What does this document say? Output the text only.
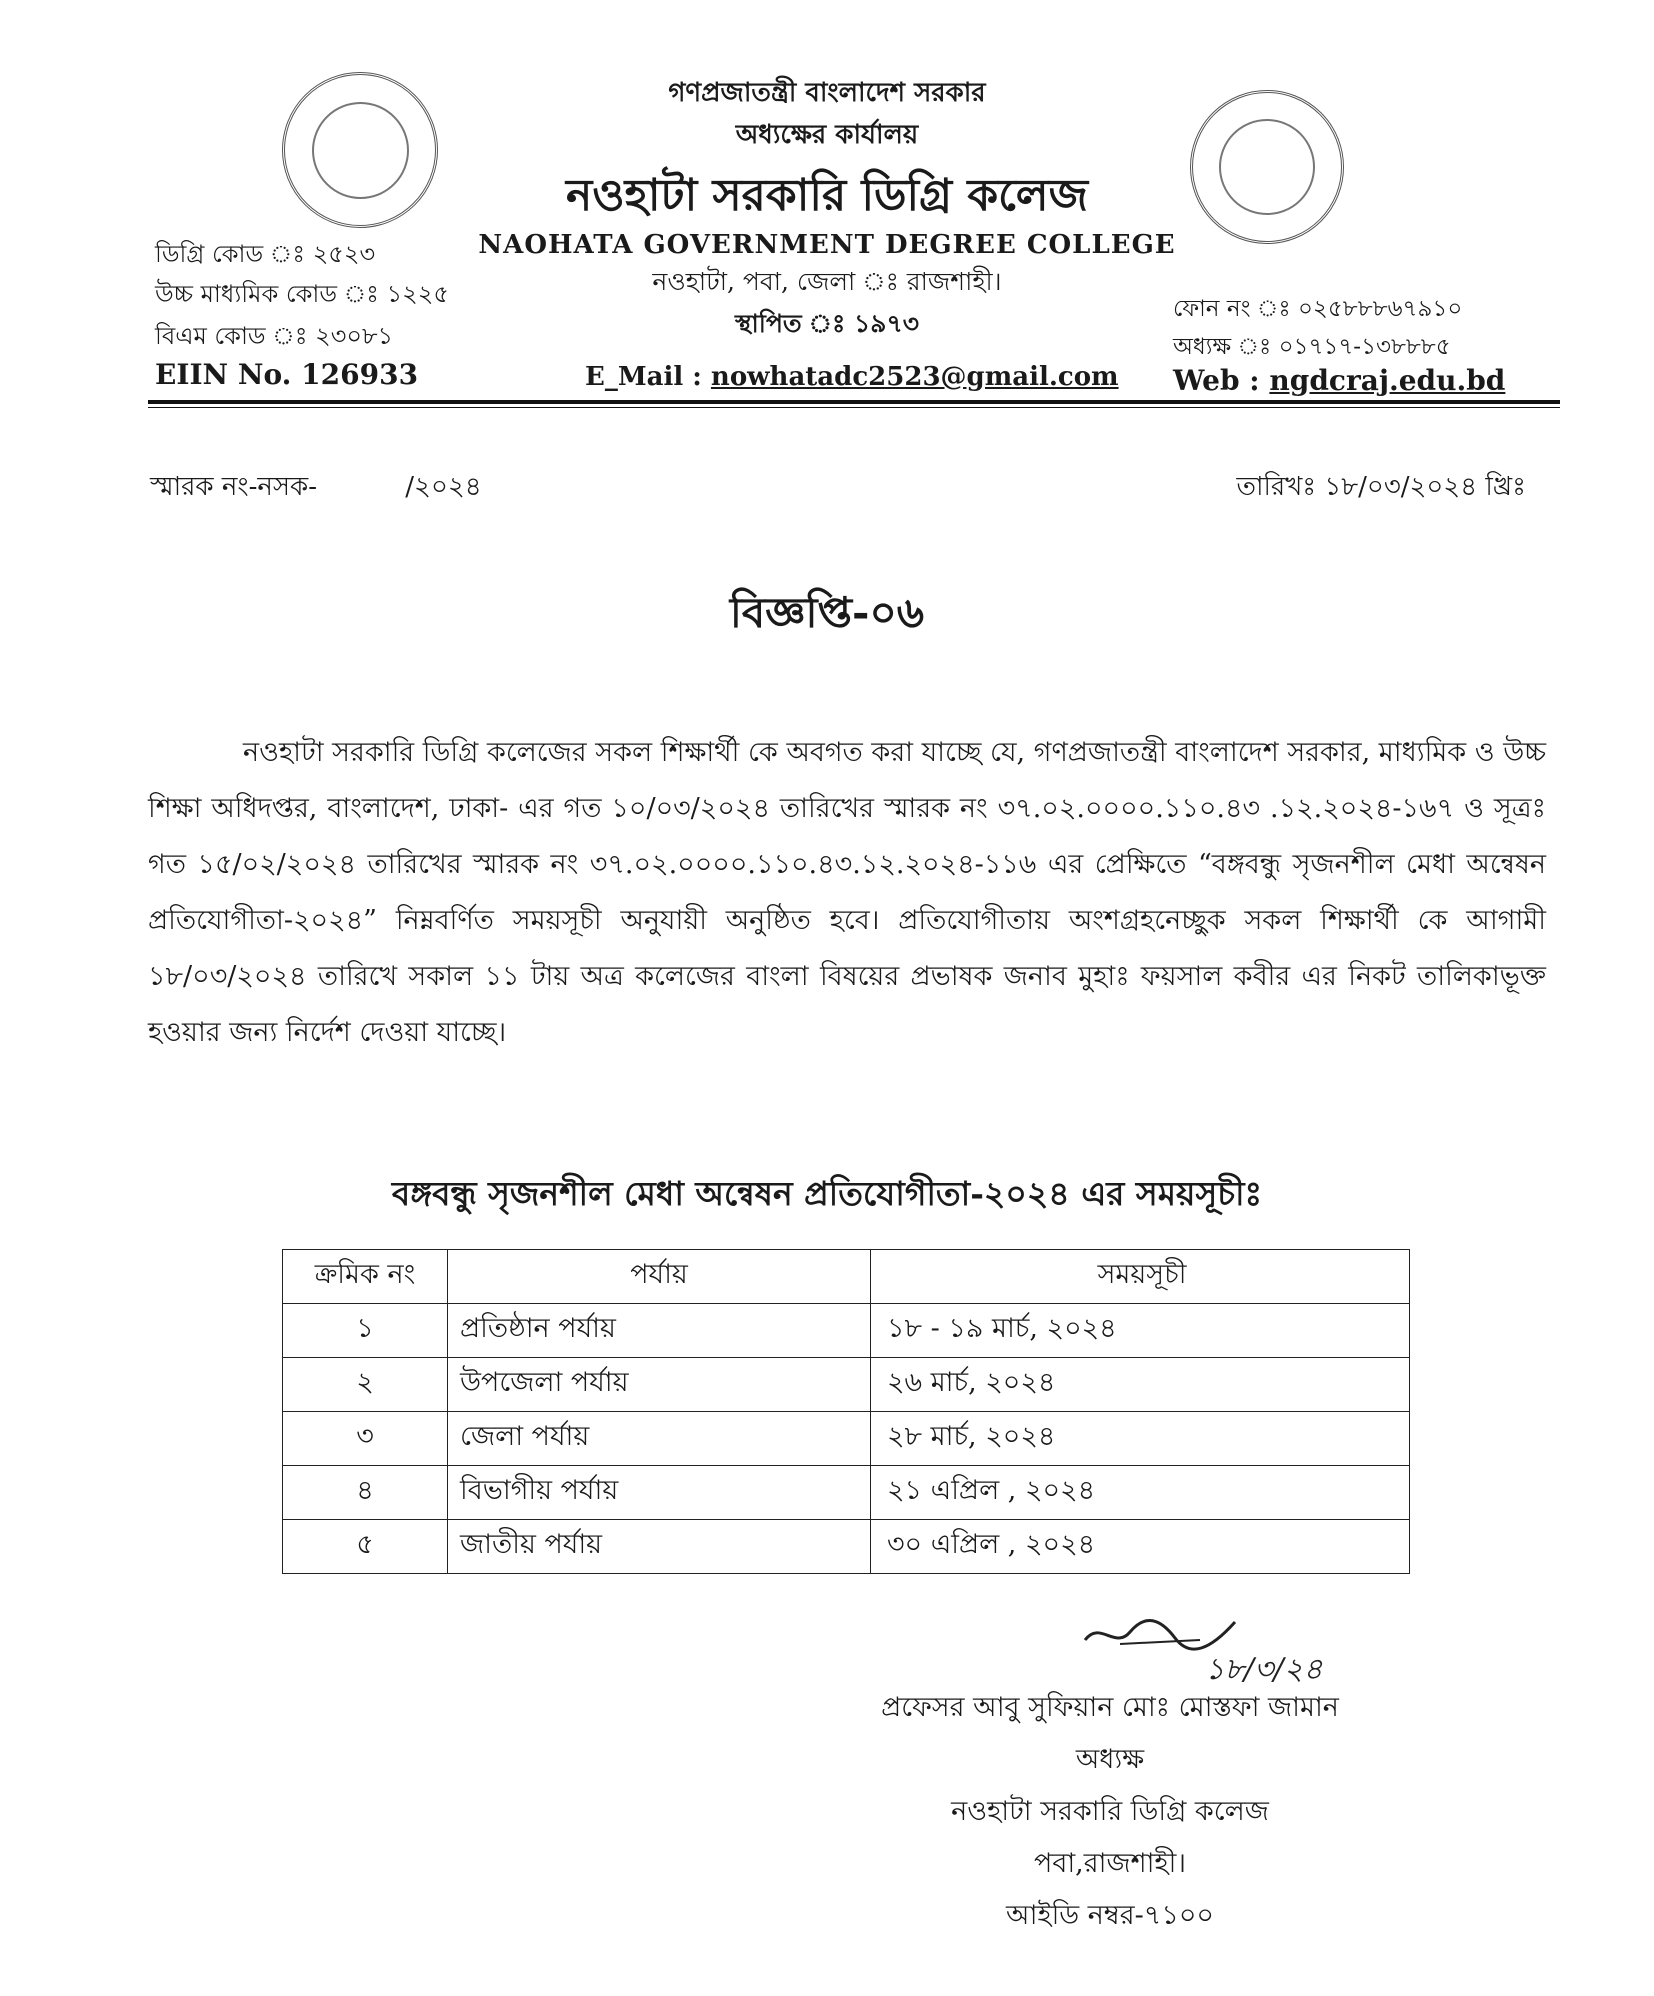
গণপ্রজাতন্ত্রী বাংলাদেশ সরকার
অধ্যক্ষের কার্যালয়
নওহাটা সরকারি ডিগ্রি কলেজ
NAOHATA GOVERNMENT DEGREE COLLEGE
নওহাটা, পবা, জেলা ঃ রাজশাহী।
স্থাপিত ঃ ১৯৭৩
E_Mail : nowhatadc2523@gmail.com
ডিগ্রি কোড ঃ ২৫২৩
উচ্চ মাধ্যমিক কোড ঃ ১২২৫
বিএম কোড ঃ ২৩০৮১
EIIN No. 126933
ফোন নং ঃ ০২৫৮৮৮৬৭৯১০
অধ্যক্ষ ঃ ০১৭১৭-১৩৮৮৮৫
Web : ngdcraj.edu.bd
স্মারক নং-নসক-	/২০২৪	তারিখঃ ১৮/০৩/২০২৪ খ্রিঃ
বিজ্ঞপ্তি-০৬

নওহাটা সরকারি ডিগ্রি কলেজের সকল শিক্ষার্থী কে অবগত করা যাচ্ছে যে, গণপ্রজাতন্ত্রী বাংলাদেশ সরকার, মাধ্যমিক ও উচ্চ শিক্ষা অধিদপ্তর, বাংলাদেশ, ঢাকা- এর গত ১০/০৩/২০২৪ তারিখের স্মারক নং ৩৭.০২.০০০০.১১০.৪৩ .১২.২০২৪-১৬৭ ও সূত্রঃ গত ১৫/০২/২০২৪ তারিখের স্মারক নং ৩৭.০২.০০০০.১১০.৪৩.১২.২০২৪-১১৬ এর প্রেক্ষিতে “বঙ্গবন্ধু সৃজনশীল মেধা অন্বেষন প্রতিযোগীতা-২০২৪” নিম্নবর্ণিত সময়সূচী অনুযায়ী অনুষ্ঠিত হবে। প্রতিযোগীতায় অংশগ্রহনেচ্ছুক সকল শিক্ষার্থী কে আগামী ১৮/০৩/২০২৪ তারিখে সকাল ১১ টায় অত্র কলেজের বাংলা বিষয়ের প্রভাষক জনাব মুহাঃ ফয়সাল কবীর এর নিকট তালিকাভূক্ত হওয়ার জন্য নির্দেশ দেওয়া যাচ্ছে।

বঙ্গবন্ধু সৃজনশীল মেধা অন্বেষন প্রতিযোগীতা-২০২৪ এর সময়সূচীঃ
ক্রমিক নং	পর্যায়	সময়সূচী
১	প্রতিষ্ঠান পর্যায়	১৮ - ১৯ মার্চ, ২০২৪
২	উপজেলা পর্যায়	২৬ মার্চ, ২০২৪
৩	জেলা পর্যায়	২৮ মার্চ, ২০২৪
৪	বিভাগীয় পর্যায়	২১ এপ্রিল , ২০২৪
৫	জাতীয় পর্যায়	৩০ এপ্রিল , ২০২৪
১৮/৩/২৪
প্রফেসর আবু সুফিয়ান মোঃ মোস্তফা জামান
অধ্যক্ষ
নওহাটা সরকারি ডিগ্রি কলেজ
পবা,রাজশাহী।
আইডি নম্বর-৭১০০
